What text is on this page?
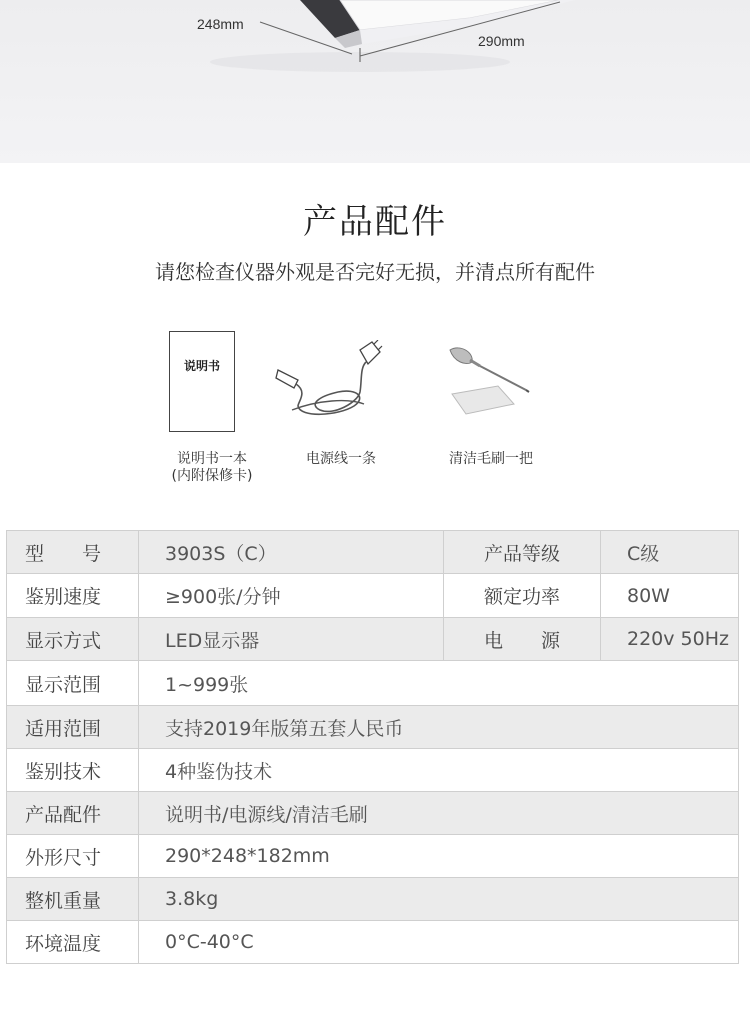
248mm
290mm
产品配件
请您检查仪器外观是否完好无损，并清点所有配件
说明书
说明书一本
(内附保修卡)
电源线一条	清洁毛刷一把
型　　号	3903S（C）	产品等级	C级
鉴别速度	≥900张/分钟	额定功率	80W
显示方式	LED显示器	电　　源	220v 50Hz
显示范围	1~999张		
适用范围	支持2019年版第五套人民币		
鉴别技术	4种鉴伪技术		
产品配件	说明书/电源线/清洁毛刷		
外形尺寸	290*248*182mm		
整机重量	3.8kg		
环境温度	0°C-40°C		
